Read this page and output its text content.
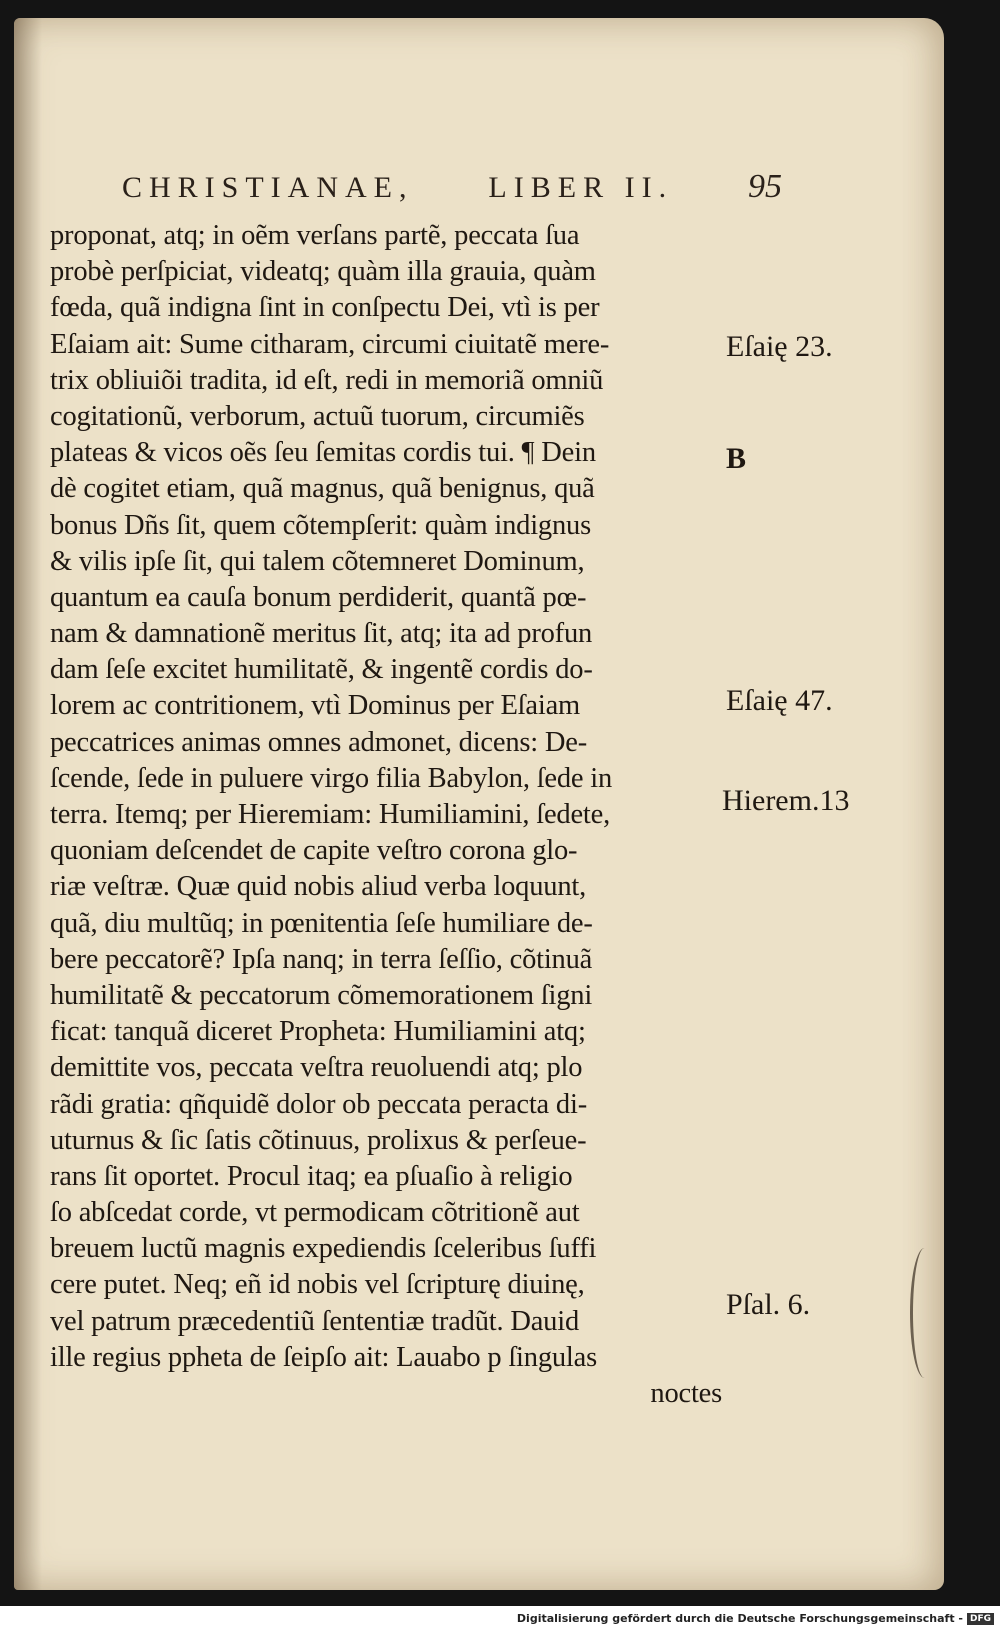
CHRISTIANAE, LIBER II. 95
proponat, atq; in oẽm verſans partẽ, peccata ſua
probè perſpiciat, videatq; quàm illa grauia, quàm
fœda, quã indigna ſint in conſpectu Dei, vtì is per
Eſaiam ait: Sume citharam, circumi ciuitatẽ mere-
trix obliuiõi tradita, id eſt, redi in memoriã omniũ
cogitationũ, verborum, actuũ tuorum, circumiẽs
plateas & vicos oẽs ſeu ſemitas cordis tui. ¶ Dein
dè cogitet etiam, quã magnus, quã benignus, quã
bonus Dñs ſit, quem cõtempſerit: quàm indignus
& vilis ipſe ſit, qui talem cõtemneret Dominum,
quantum ea cauſa bonum perdiderit, quantã pœ-
nam & damnationẽ meritus ſit, atq; ita ad profun
dam ſeſe excitet humilitatẽ, & ingentẽ cordis do-
lorem ac contritionem, vtì Dominus per Eſaiam
peccatrices animas omnes admonet, dicens: De-
ſcende, ſede in puluere virgo filia Babylon, ſede in
terra. Itemq; per Hieremiam: Humiliamini, ſedete,
quoniam deſcendet de capite veſtro corona glo-
riæ veſtræ. Quæ quid nobis aliud verba loquunt,
quã, diu multũq; in pœnitentia ſeſe humiliare de-
bere peccatorẽ? Ipſa nanq; in terra ſeſſio, cõtinuã
humilitatẽ & peccatorum cõmemorationem ſigni
ficat: tanquã diceret Propheta: Humiliamini atq;
demittite vos, peccata veſtra reuoluendi atq; plo
rãdi gratia: qñquidẽ dolor ob peccata peracta di-
uturnus & ſic ſatis cõtinuus, prolixus & perſeue-
rans ſit oportet. Procul itaq; ea pſuaſio à religio
ſo abſcedat corde, vt permodicam cõtritionẽ aut
breuem luctũ magnis expediendis ſceleribus ſuffi
cere putet. Neq; eñ id nobis vel ſcripturę diuinę,
vel patrum præcedentiũ ſententiæ tradũt. Dauid
ille regius pphetа de ſeipſo ait: Lauabo p ſingulas
noctes
Eſaię 23.
B
Eſaię 47.
Hierem.13
Pſal. 6.
Digitalisierung gefördert durch die Deutsche Forschungsgemeinschaft - DFG
